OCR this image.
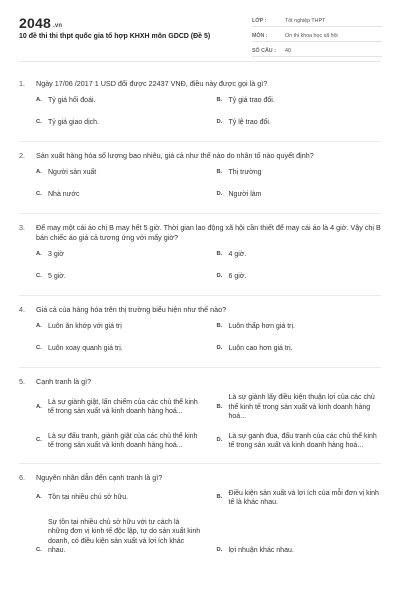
2048 .vn
10 đề thi thi thpt quốc gia tổ hợp KHXH môn GDCD (Đề 5)
LỚP :	Tốt nghiệp THPT
MÔN :	Ôn thi khoa học xã hội
SỐ CÂU :	40
1.	Ngày 17/06 /2017 1 USD đổi được 22437 VNĐ, điều này được gọi là gì?
A. Tỷ giá hối đoái.	B. Tỷ giá trao đổi.
C. Tỷ giá giao dịch.	D. Tỷ lệ trao đổi.
2.	Sản xuất hàng hóa số lượng bao nhiêu, giá cả như thế nào do nhân tố nào quyết định?
A. Người sản xuất	B. Thị trường
C. Nhà nước	D. Người làm
3.	Để may một cái áo chị B may hết 5 giờ. Thời gian lao động xã hội cần thiết để may cái áo là 4 giờ. Vậy chị B bán chiếc áo giá cả tương ứng với mấy giờ?
A. 3 giờ	B. 4 giờ.
C. 5 giờ.	D. 6 giờ.
4.	Giá cả của hàng hóa trên thị trường biểu hiện như thế nào?
A. Luôn ăn khớp với giá trị	B. Luôn thấp hơn giá trị.
C. Luôn xoay quanh giá trị.	D. Luôn cao hơn giá trị.
5.	Cạnh tranh là gì?
A.
Là sự giành giật, lấn chiếm của các chủ thể kinh tế trong sản xuất và kinh doanh hàng hoá...
B.
Là sự giành lấy điều kiện thuận lợi của các chủ thể kinh tế trong sản xuất và kinh doanh hàng hoá...
C.
Là sự đấu tranh, giành giật của các chủ thể kinh tế trong sản xuất và kinh doanh hàng hoá...
D.
Là sự ganh đua, đấu tranh của các chủ thể kinh tế trong sản xuất và kinh doanh hàng hoá...
6.	Nguyên nhân dẫn đến cạnh tranh là gì?
A. Tồn tại nhiều chủ sở hữu.	B.
Điều kiện sản xuất và lợi ích của mỗi đơn vị kinh tế là khác nhau.
C.
Sự tồn tại nhiều chủ sở hữu với tư cách là những đơn vị kinh tế độc lập, tự do sản xuất kinh doanh, có điều kiện sản xuất và lợi ích khác nhau.	D. lợi nhuận khác nhau.
